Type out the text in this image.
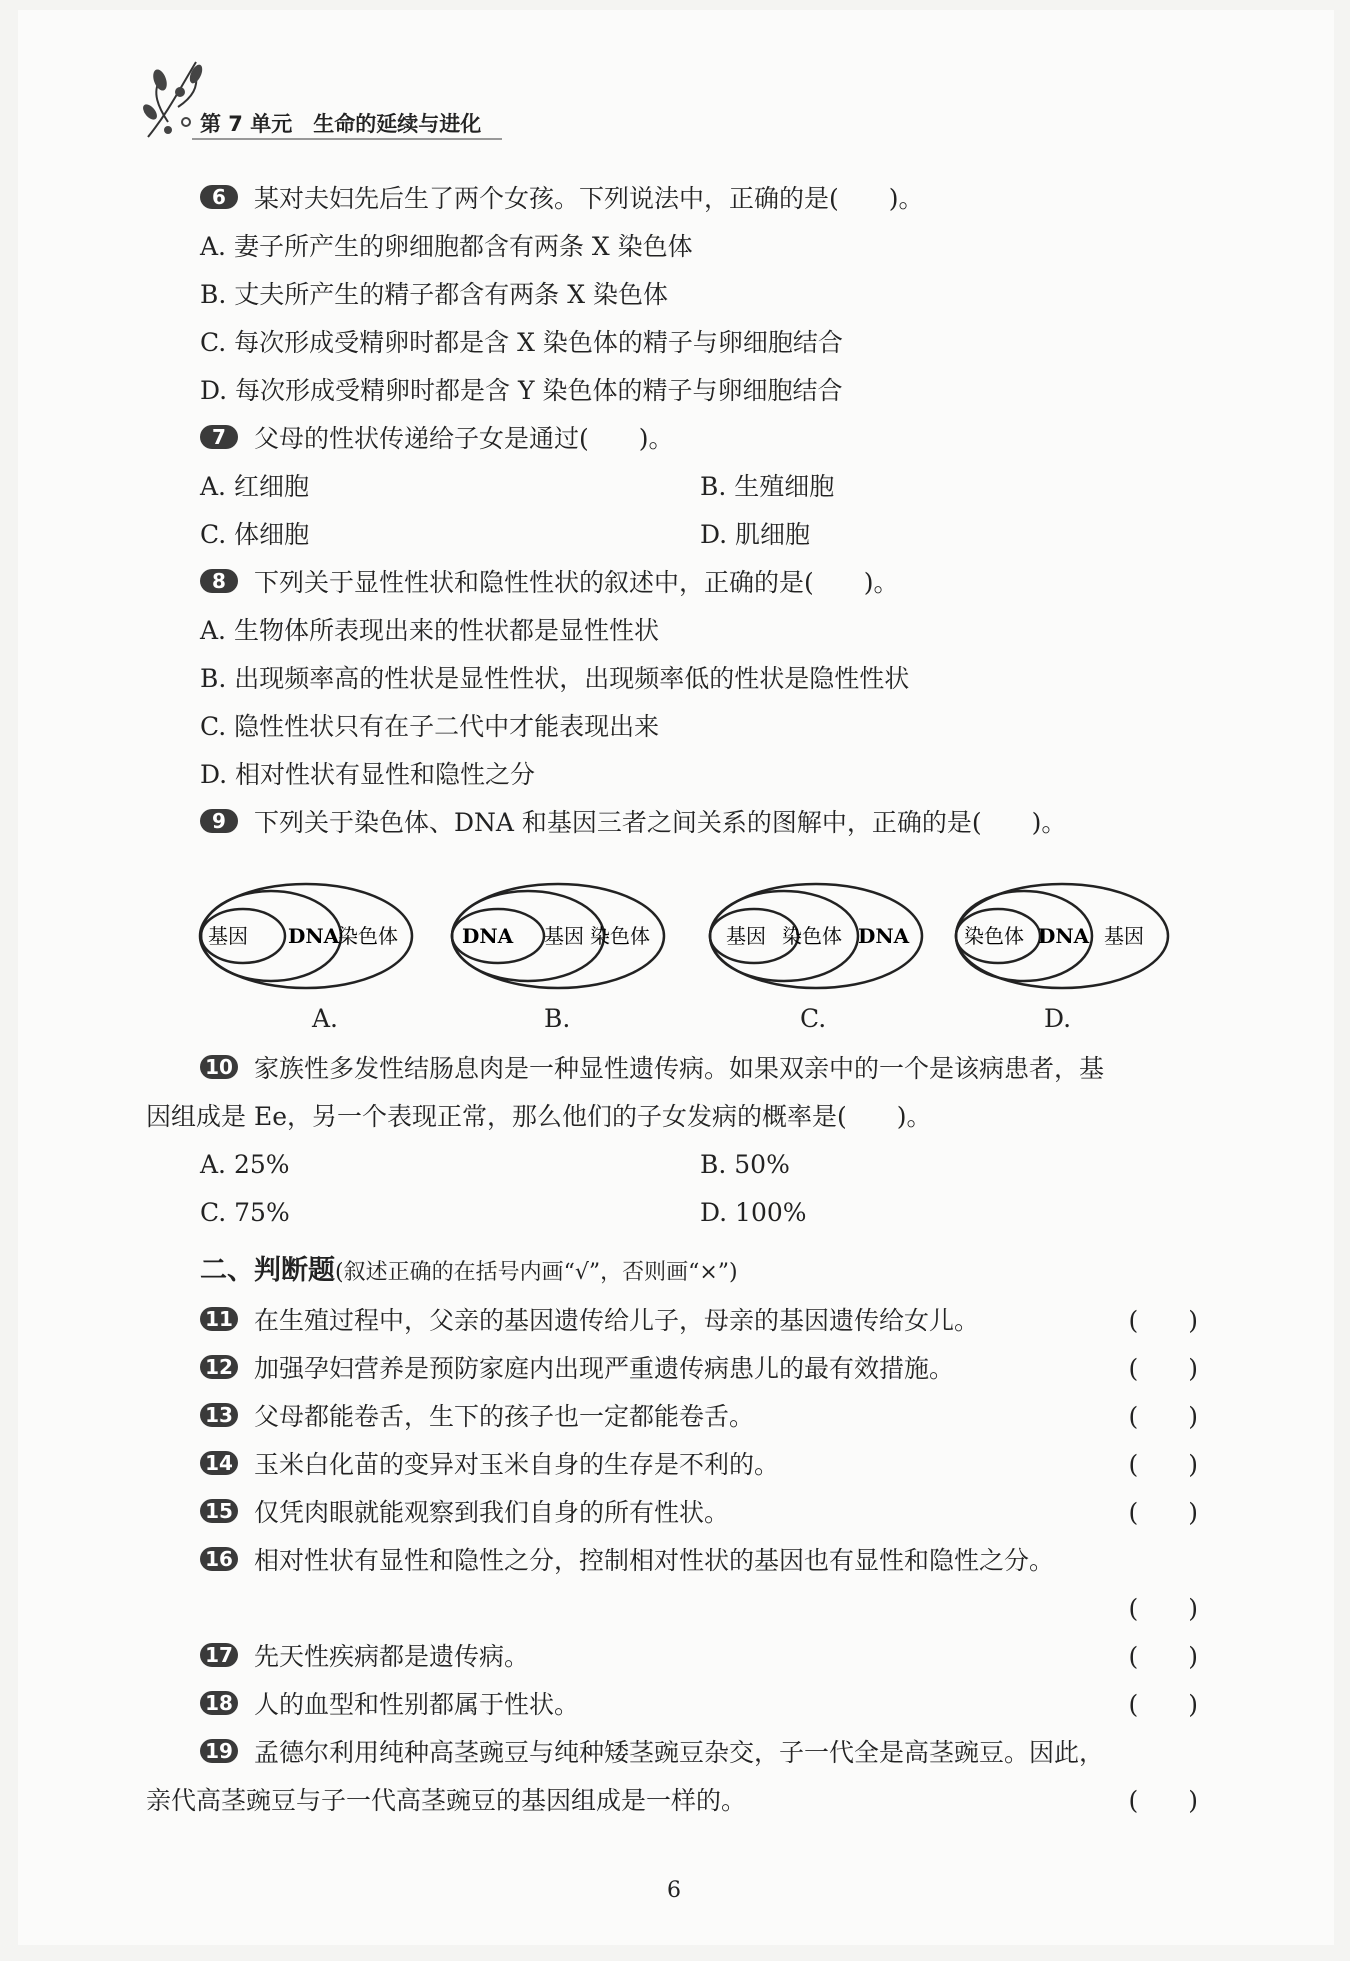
第 7 单元　生命的延续与进化
6 某对夫妇先后生了两个女孩。下列说法中，正确的是(　　)。
A. 妻子所产生的卵细胞都含有两条 X 染色体
B. 丈夫所产生的精子都含有两条 X 染色体
C. 每次形成受精卵时都是含 X 染色体的精子与卵细胞结合
D. 每次形成受精卵时都是含 Y 染色体的精子与卵细胞结合
7 父母的性状传递给子女是通过(　　)。
A. 红细胞	B. 生殖细胞
C. 体细胞	D. 肌细胞
8 下列关于显性性状和隐性性状的叙述中，正确的是(　　)。
A. 生物体所表现出来的性状都是显性性状
B. 出现频率高的性状是显性性状，出现频率低的性状是隐性性状
C. 隐性性状只有在子二代中才能表现出来
D. 相对性状有显性和隐性之分
9 下列关于染色体、DNA 和基因三者之间关系的图解中，正确的是(　　)。
基因 DNA
染色体
A.
DNA 基因 染色体
B.
基因 染色体 DNA
C.
染色体 DNA 基因
D.
10 家族性多发性结肠息肉是一种显性遗传病。如果双亲中的一个是该病患者，基
因组成是 Ee，另一个表现正常，那么他们的子女发病的概率是(　　)。
A. 25%	B. 50%
C. 75%	D. 100%
二、判断题(叙述正确的在括号内画“√”，否则画“×”)
11 在生殖过程中，父亲的基因遗传给儿子，母亲的基因遗传给女儿。	(　　)
12 加强孕妇营养是预防家庭内出现严重遗传病患儿的最有效措施。	(　　)
13 父母都能卷舌，生下的孩子也一定都能卷舌。	(　　)
14 玉米白化苗的变异对玉米自身的生存是不利的。	(　　)
15 仅凭肉眼就能观察到我们自身的所有性状。	(　　)
16 相对性状有显性和隐性之分，控制相对性状的基因也有显性和隐性之分。
(　　)
17 先天性疾病都是遗传病。	(　　)
18 人的血型和性别都属于性状。	(　　)
19 孟德尔利用纯种高茎豌豆与纯种矮茎豌豆杂交，子一代全是高茎豌豆。因此，
亲代高茎豌豆与子一代高茎豌豆的基因组成是一样的。	(　　)
6
